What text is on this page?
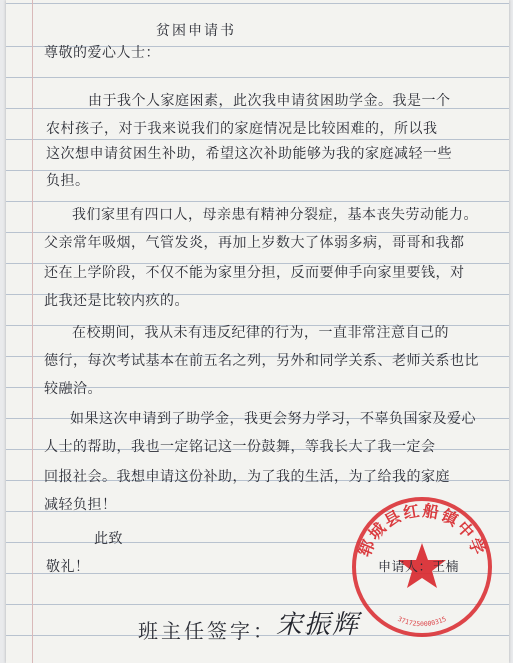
贫困申请书
尊敬的爱心人士：
由于我个人家庭困素，此次我申请贫困助学金。我是一个
农村孩子，对于我来说我们的家庭情况是比较困难的，所以我
这次想申请贫困生补助，希望这次补助能够为我的家庭减轻一些
负担。
我们家里有四口人，母亲患有精神分裂症，基本丧失劳动能力。
父亲常年吸烟，气管发炎，再加上岁数大了体弱多病，哥哥和我都
还在上学阶段，不仅不能为家里分担，反而要伸手向家里要钱，对
此我还是比较内疚的。
在校期间，我从未有违反纪律的行为，一直非常注意自己的
德行，每次考试基本在前五名之列，另外和同学关系、老师关系也比
较融洽。
如果这次申请到了助学金，我更会努力学习，不辜负国家及爱心
人士的帮助，我也一定铭记这一份鼓舞，等我长大了我一定会
回报社会。我想申请这份补助，为了我的生活，为了给我的家庭
减轻负担！
此致
敬礼！
郓城县红船镇中学
3717250000315
申请人：王楠
班主任签字： 宋振辉
